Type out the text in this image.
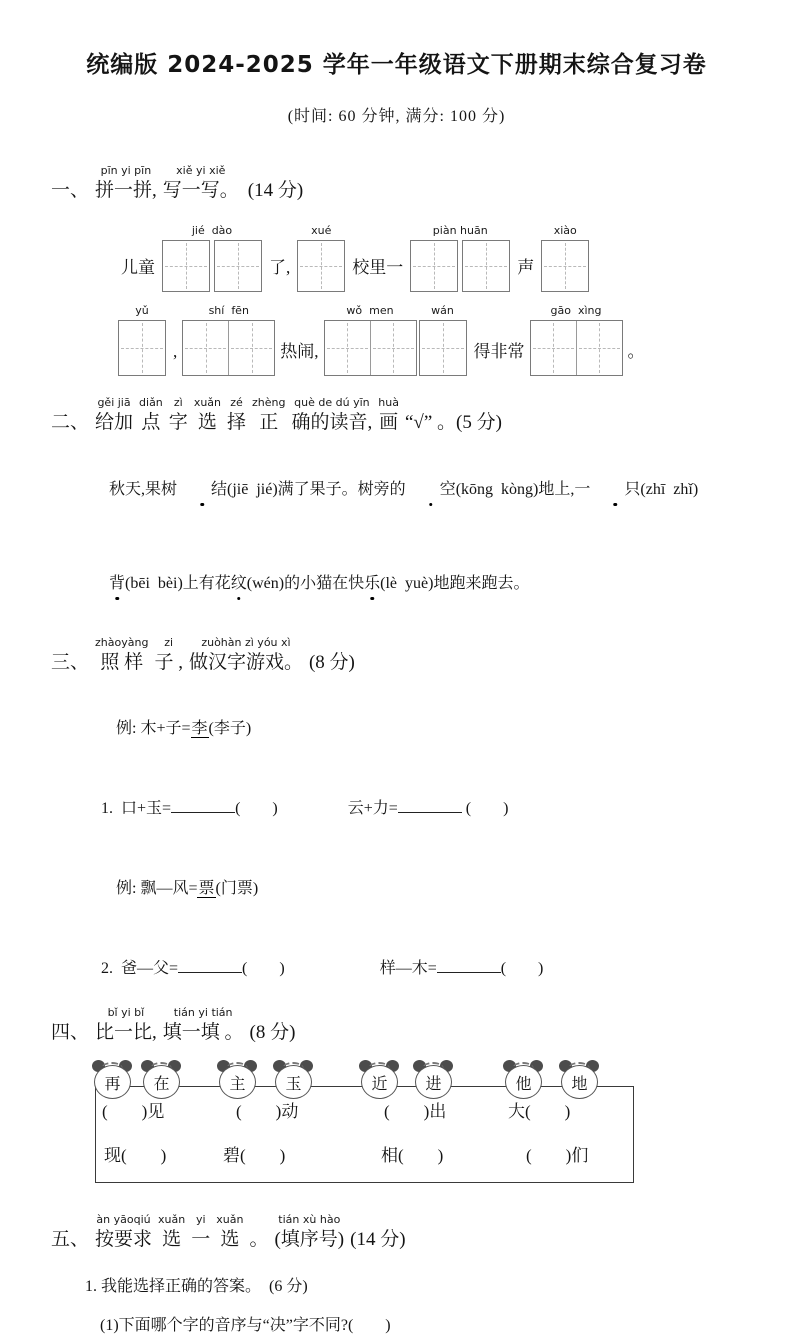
统编版 2024-2025 学年一年级语文下册期末综合复习卷
(时间: 60 分钟, 满分: 100 分)
一、
pīn yi pīn
拼一拼,
xiě yi xiě
写一写。 (14 分)
儿童
jié  dào
了,
xué
校里一
piàn huān
声
xiào
yǔ
,
shí  fēn
热闹,
wǒ  men	wán
得非常
gāo  xìng
。
二、
gěi jiā
给加
diǎn
点
zì
字
xuǎn
选
zé
择
zhèng
正
què de dú yīn
确的读音,
huà
画 “√” 。(5 分)

秋天,果树 结(jiē  jié)满了果子。树旁的 空(kōng  kòng)地上,一 只(zhī  zhǐ)

背(bēi  bèi)上有花纹(wén)的小猫在快乐(lè  yuè)地跑来跑去。

三、
zhàoyàng
照 样
zi
子 ,
zuòhàn zì yóu xì
做汉字游戏。 (8 分)

例: 木+子=李(李子)

1.  口+玉=	(        )	云+力=	(        )

例: 飘—风=票(门票)

2.  爸—父=	(        )	样—木=	(        )

四、
bǐ yi bǐ
比一比,
tián yi tián
填一填 。 (8 分)
再	在	主	玉	近	进	他	地
(        )见	(        )动	(        )出	大(        )
现(        )	碧(        )	相(        )	(        )们
五、
àn yāoqiú
按要求
xuǎn
选
yi
一
xuǎn
选 。
tián xù hào
(填序号) (14 分)
1. 我能选择正确的答案。  (6 分)
(1)下面哪个字的音序与“决”字不同?(        )
